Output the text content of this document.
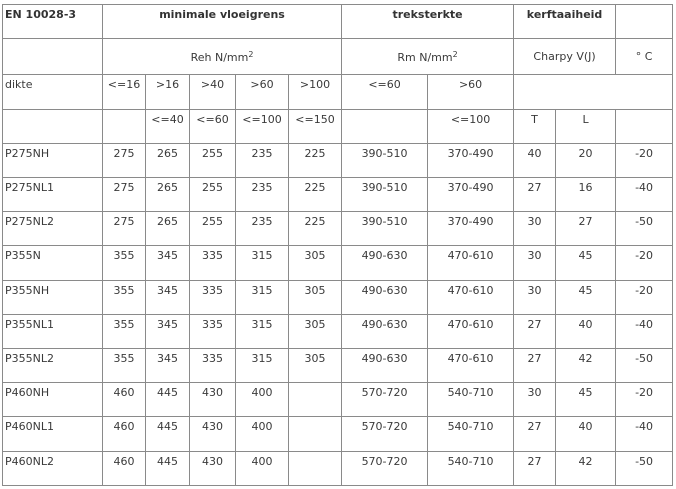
EN 10028-3	minimale vloeigrens					treksterkte		kerftaaiheid		
	Reh $N/mm^2$					Rm $N/mm^2$		Charpy V(J)		° C
dikte	<=16	>16	>40	>60	>100	<=60	>60			
		<=40	<=60	<=100	<=150		<=100	T	L	
P275NH	275	265	255	235	225	390-510	370-490	40	20	-20
P275NL1	275	265	255	235	225	390-510	370-490	27	16	-40
P275NL2	275	265	255	235	225	390-510	370-490	30	27	-50
P355N	355	345	335	315	305	490-630	470-610	30	45	-20
P355NH	355	345	335	315	305	490-630	470-610	30	45	-20
P355NL1	355	345	335	315	305	490-630	470-610	27	40	-40
P355NL2	355	345	335	315	305	490-630	470-610	27	42	-50
P460NH	460	445	430	400		570-720	540-710	30	45	-20
P460NL1	460	445	430	400		570-720	540-710	27	40	-40
P460NL2	460	445	430	400		570-720	540-710	27	42	-50
